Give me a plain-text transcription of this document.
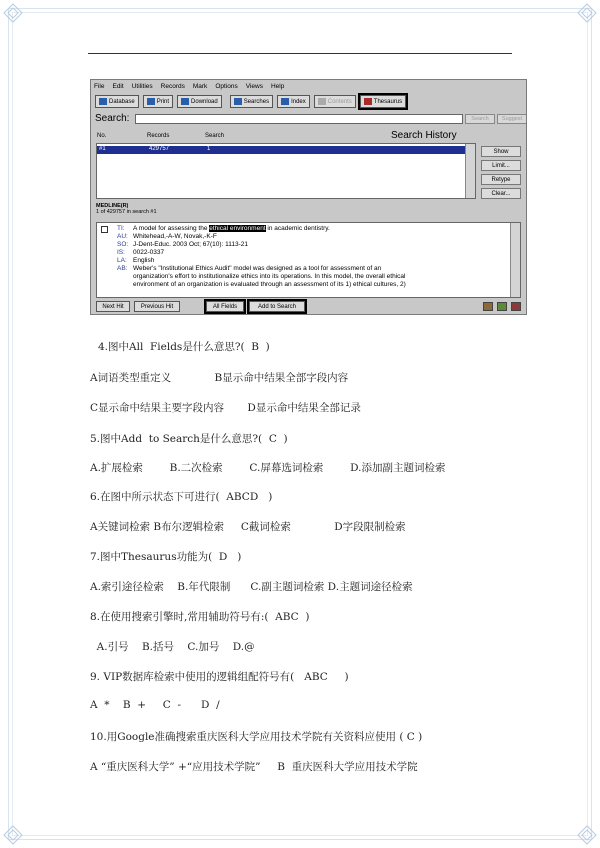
File Edit Utilities Records Mark Options Views Help
Database	Print	Download	Searches	Index	Contents	Thesaurus
Search:	Search	Suggest
Search History
No.	Records	Search
#1	429757	1	Show
Limit...
Retype
Clear...
MEDLINE(R)
1 of 429757 in search #1
TI: A model for assessing the ethical environment in academic dentistry.
AU: Whitehead,-A-W, Novak,-K-F
SO: J-Dent-Educ. 2003 Oct; 67(10): 1113-21
IS: 0022-0337
LA: English
AB: Weber's "Institutional Ethics Audit" model was designed as a tool for assessment of an
organization's effort to institutionalize ethics into its operations. In this model, the overall ethical
environment of an organization is evaluated through an assessment of its 1) ethical cultures, 2)
Next Hit	Previous Hit	All Fields	Add to Search
4.图中All  Fields是什么意思?(  B  )
A词语类型重定义             B显示命中结果全部字段内容
C显示命中结果主要字段内容       D显示命中结果全部记录
5.图中Add  to Search是什么意思?(  C  )
A.扩展检索        B.二次检索        C.屏幕选词检索        D.添加副主题词检索
6.在图中所示状态下可进行(  ABCD   )
A关键词检索 B布尔逻辑检索     C截词检索             D字段限制检索
7.图中Thesaurus功能为(  D   )
A.索引途径检索    B.年代限制      C.副主题词检索 D.主题词途径检索
8.在使用搜索引擎时,常用辅助符号有:(  ABC  )
A.引号    B.括号    C.加号    D.@
9. VIP数据库检索中使用的逻辑组配符号有(   ABC     )
A  *    B  +     C  -      D  /
10.用Google准确搜索重庆医科大学应用技术学院有关资料应使用 ( C )
A “重庆医科大学” +“应用技术学院”     B  重庆医科大学应用技术学院
